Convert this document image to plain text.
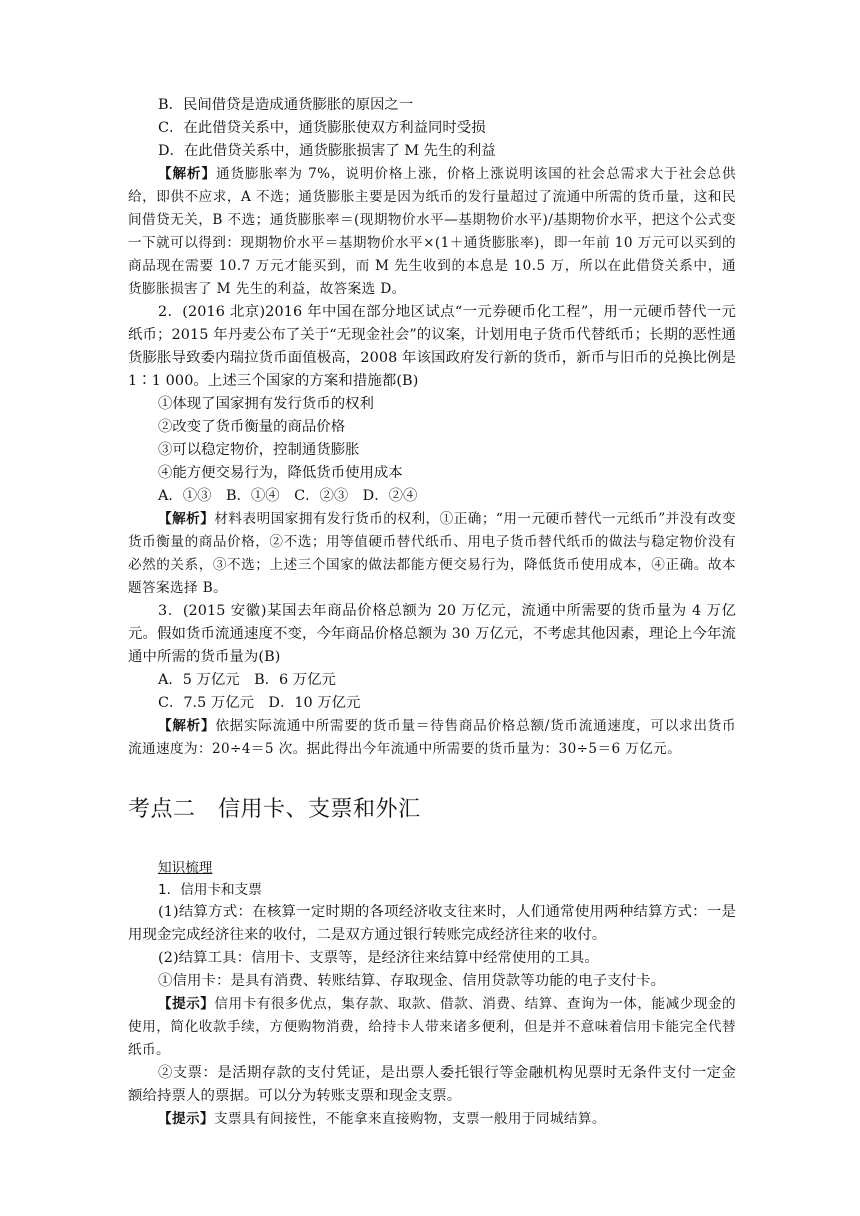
B．民间借贷是造成通货膨胀的原因之一

C．在此借贷关系中，通货膨胀使双方利益同时受损

D．在此借贷关系中，通货膨胀损害了 M 先生的利益

【解析】通货膨胀率为 7%，说明价格上涨，价格上涨说明该国的社会总需求大于社会总供给，即供不应求，A 不选；通货膨胀主要是因为纸币的发行量超过了流通中所需的货币量，这和民间借贷无关，B 不选；通货膨胀率＝(现期物价水平—基期物价水平)/基期物价水平，把这个公式变一下就可以得到：现期物价水平＝基期物价水平×(1＋通货膨胀率)，即一年前 10 万元可以买到的商品现在需要 10.7 万元才能买到，而 M 先生收到的本息是 10.5 万，所以在此借贷关系中，通货膨胀损害了 M 先生的利益，故答案选 D。

2．(2016 北京)2016 年中国在部分地区试点“一元券硬币化工程”，用一元硬币替代一元纸币；2015 年丹麦公布了关于“无现金社会”的议案，计划用电子货币代替纸币；长期的恶性通货膨胀导致委内瑞拉货币面值极高，2008 年该国政府发行新的货币，新币与旧币的兑换比例是 1∶1 000。上述三个国家的方案和措施都(B)

①体现了国家拥有发行货币的权利

②改变了货币衡量的商品价格

③可以稳定物价，控制通货膨胀

④能方便交易行为，降低货币使用成本

A．①③　B．①④　C．②③　D．②④

【解析】材料表明国家拥有发行货币的权利，①正确；“用一元硬币替代一元纸币”并没有改变货币衡量的商品价格，②不选；用等值硬币替代纸币、用电子货币替代纸币的做法与稳定物价没有必然的关系，③不选；上述三个国家的做法都能方便交易行为，降低货币使用成本，④正确。故本题答案选择 B。

3．(2015 安徽)某国去年商品价格总额为 20 万亿元，流通中所需要的货币量为 4 万亿元。假如货币流通速度不变，今年商品价格总额为 30 万亿元，不考虑其他因素，理论上今年流通中所需的货币量为(B)

A．5 万亿元　B．6 万亿元

C．7.5 万亿元　D．10 万亿元

【解析】依据实际流通中所需要的货币量＝待售商品价格总额/货币流通速度，可以求出货币流通速度为：20÷4＝5 次。据此得出今年流通中所需要的货币量为：30÷5＝6 万亿元。

考点二　信用卡、支票和外汇

知识梳理

1．信用卡和支票

(1)结算方式：在核算一定时期的各项经济收支往来时，人们通常使用两种结算方式：一是用现金完成经济往来的收付，二是双方通过银行转账完成经济往来的收付。

(2)结算工具：信用卡、支票等，是经济往来结算中经常使用的工具。

①信用卡：是具有消费、转账结算、存取现金、信用贷款等功能的电子支付卡。

【提示】信用卡有很多优点，集存款、取款、借款、消费、结算、查询为一体，能减少现金的使用，简化收款手续，方便购物消费，给持卡人带来诸多便利，但是并不意味着信用卡能完全代替纸币。

②支票：是活期存款的支付凭证，是出票人委托银行等金融机构见票时无条件支付一定金额给持票人的票据。可以分为转账支票和现金支票。

【提示】支票具有间接性，不能拿来直接购物，支票一般用于同城结算。
